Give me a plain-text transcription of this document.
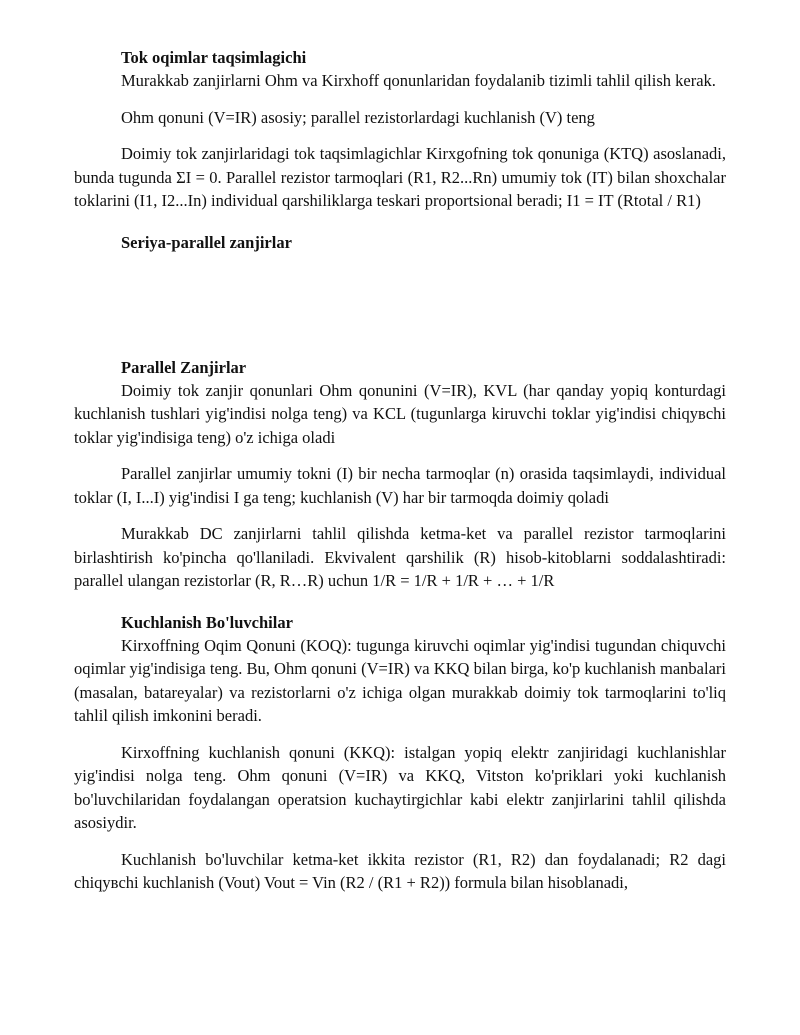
Tok oqimlar taqsimlagichi

Murakkab zanjirlarni Ohm va Kirxhoff qonunlaridan foydalanib tizimli tahlil qilish kerak.

Ohm qonuni (V=IR) asosiy; parallel rezistorlardagi kuchlanish (V) teng

Doimiy tok zanjirlaridagi tok taqsimlagichlar Kirxgofning tok qonuniga (KTQ) asoslanadi, bunda tugunda ΣI = 0. Parallel rezistor tarmoqlari (R1, R2...Rn) umumiy tok (IT) bilan shoxchalar toklarini (I1, I2...In) individual qarshiliklarga teskari proportsional beradi; I1 = IT (Rtotal / R1)

Seriya-parallel zanjirlar

Parallel Zanjirlar

Doimiy tok zanjir qonunlari Ohm qonunini (V=IR), KVL (har qanday yopiq konturdagi kuchlanish tushlari yig'indisi nolga teng) va KCL (tugunlarga kiruvchi toklar yig'indisi chiqувchi toklar yig'indisiga teng) o'z ichiga oladi

Parallel zanjirlar umumiy tokni (I) bir necha tarmoqlar (n) orasida taqsimlaydi, individual toklar (I, I...I) yig'indisi I ga teng; kuchlanish (V) har bir tarmoqda doimiy qoladi

Murakkab DC zanjirlarni tahlil qilishda ketma-ket va parallel rezistor tarmoqlarini birlashtirish ko'pincha qo'llaniladi. Ekvivalent qarshilik (R) hisob-kitoblarni soddalashtiradi: parallel ulangan rezistorlar (R, R…R) uchun 1/R = 1/R + 1/R + … + 1/R

Kuchlanish Bo'luvchilar

Kirxoffning Oqim Qonuni (KOQ): tugunga kiruvchi oqimlar yig'indisi tugundan chiquvchi oqimlar yig'indisiga teng. Bu, Ohm qonuni (V=IR) va KKQ bilan birga, ko'p kuchlanish manbalari (masalan, batareyalar) va rezistorlarni o'z ichiga olgan murakkab doimiy tok tarmoqlarini to'liq tahlil qilish imkonini beradi.

Kirxoffning kuchlanish qonuni (KKQ): istalgan yopiq elektr zanjiridagi kuchlanishlar yig'indisi nolga teng. Ohm qonuni (V=IR) va KKQ, Vitston ko'priklari yoki kuchlanish bo'luvchilaridan foydalangan operatsion kuchaytirgichlar kabi elektr zanjirlarini tahlil qilishda asosiydir.

Kuchlanish bo'luvchilar ketma-ket ikkita rezistor (R1, R2) dan foydalanadi; R2 dagi chiqувchi kuchlanish (Vout) Vout = Vin (R2 / (R1 + R2)) formula bilan hisoblanadi,
